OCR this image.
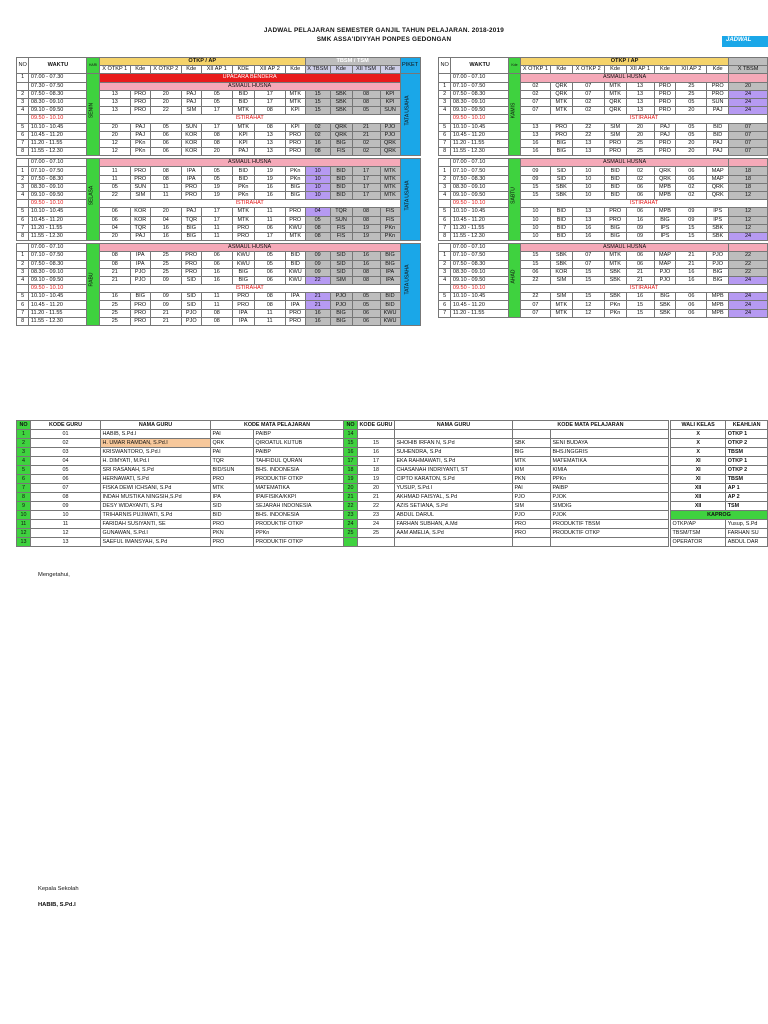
JADWAL PELAJARAN SEMESTER GANJIL TAHUN PELAJARAN. 2018-2019
SMK ASSA'IDIYYAH PONPES GEDONGAN	JADWAL
NO	WAKTU	HARI	OTKP / AP								TBSM / TSM				PIKET
			X OTKP 1	Kde	X OTKP 2	Kde	XII AP 1	KDE	XII AP 2	Kde	X TBSM	Kde	XII TSM	Kde	
1	07.00 - 07.30	SENIN	UPACARA BENDERA												TATA USAHA

	07.30 - 07.50		ASMAUL HUSNA												
2	07.50 - 08.30		13	PRO	20	PAJ	05	BID	17	MTK	15	SBK	08	KPI	
3	08.30 - 09.10		13	PRO	20	PAJ	05	BID	17	MTK	15	SBK	08	KPI	
4	09.10 - 09.50		13	PRO	22	SIM	17	MTK	08	KPI	15	SBK	05	SUN	
	09.50 - 10.10		ISTIRAHAT												
5	10.10 - 10.45		20	PAJ	05	SUN	17	MTK	08	KPI	02	QRK	21	PJO	
6	10.45 - 11.20		20	PAJ	06	KOR	08	KPI	13	PRO	02	QRK	21	PJO	
7	11.20 - 11.55		12	PKn	06	KOR	08	KPI	13	PRO	16	BIG	02	QRK	
8	11.55 - 12.30		12	PKn	06	KOR	20	PAJ	13	PRO	08	FIS	02	QRK	

	07.00 - 07.10	SELASA	ASMAUL HUSNA												TATA USAHA

1	07.10 - 07.50		11	PRO	08	IPA	05	BID	19	PKn	10	BID	17	MTK	
2	07.50 - 08.30		11	PRO	08	IPA	05	BID	19	PKn	10	BID	17	MTK	
3	08.30 - 09.10		05	SUN	11	PRO	19	PKn	16	BIG	10	BID	17	MTK	
4	09.10 - 09.50		22	SIM	11	PRO	19	PKn	16	BIG	10	BID	17	MTK	
	09.50 - 10.10		ISTIRAHAT												
5	10.10 - 10.45		06	KOR	20	PAJ	17	MTK	11	PRO	04	TQR	08	FIS	
6	10.45 - 11.20		06	KOR	04	TQR	17	MTK	11	PRO	05	SUN	08	FIS	
7	11.20 - 11.55		04	TQR	16	BIG	11	PRO	06	KWU	08	FIS	19	PKn	
8	11.55 - 12.30		20	PAJ	16	BIG	11	PRO	17	MTK	08	FIS	19	PKn	

	07.00 - 07.10	RABU	ASMAUL HUSNA												TATA USAHA

1	07.10 - 07.50		08	IPA	25	PRO	06	KWU	05	BID	09	SID	16	BIG	
2	07.50 - 08.30		08	IPA	25	PRO	06	KWU	05	BID	09	SID	16	BIG	
3	08.30 - 09.10		21	PJO	25	PRO	16	BIG	06	KWU	09	SID	08	IPA	
4	09.10 - 09.50		21	PJO	09	SID	16	BIG	06	KWU	22	SIM	08	IPA	
	09.50 - 10.10		ISTIRAHAT												
5	10.10 - 10.45		16	BIG	09	SID	11	PRO	08	IPA	21	PJO	05	BID	
6	10.45 - 11.20		25	PRO	09	SID	11	PRO	08	IPA	21	PJO	05	BID	
7	11.20 - 11.55		25	PRO	21	PJO	08	IPA	11	PRO	16	BIG	06	KWU	
8	11.55 - 12.30		25	PRO	21	PJO	08	IPA	11	PRO	16	BIG	06	KWU	
NO	WAKTU	Kde	OTKP / AP								
			X OTKP 1	Kde	X OTKP 2	Kde	XII AP 1	Kde	XII AP 2	Kde	X TBSM
	07.00 - 07.10	KAMIS	ASMAUL HUSNA								
1	07.10 - 07.50		02	QRK	07	MTK	13	PRO	25	PRO	20
2	07.50 - 08.30		02	QRK	07	MTK	13	PRO	25	PRO	24
3	08.30 - 09.10		07	MTK	02	QRK	13	PRO	05	SUN	24
4	09.10 - 09.50		07	MTK	02	QRK	13	PRO	20	PAJ	24
	09.50 - 10.10		ISTIRAHAT								
5	10.10 - 10.45		13	PRO	22	SIM	20	PAJ	05	BID	07
6	10.45 - 11.20		13	PRO	22	SIM	20	PAJ	05	BID	07
7	11.20 - 11.55		16	BIG	13	PRO	25	PRO	20	PAJ	07
8	11.55 - 12.30		16	BIG	13	PRO	25	PRO	20	PAJ	07

	07.00 - 07.10	SABTU	ASMAUL HUSNA								
1	07.10 - 07.50		09	SID	10	BID	02	QRK	06	MAP	18
2	07.50 - 08.30		09	SID	10	BID	02	QRK	06	MAP	18
3	08.30 - 09.10		15	SBK	10	BID	06	MPB	02	QRK	18
4	09.10 - 09.50		15	SBK	10	BID	06	MPB	02	QRK	12
	09.50 - 10.10		ISTIRAHAT								
5	10.10 - 10.45		10	BID	13	PRO	06	MPB	09	IPS	12
6	10.45 - 11.20		10	BID	13	PRO	16	BIG	09	IPS	12
7	11.20 - 11.55		10	BID	16	BIG	09	IPS	15	SBK	12
8	11.55 - 12.30		10	BID	16	BIG	09	IPS	15	SBK	24

	07.00 - 07.10	AHAD	ASMAUL HUSNA								
1	07.10 - 07.50		15	SBK	07	MTK	06	MAP	21	PJO	22
2	07.50 - 08.30		15	SBK	07	MTK	06	MAP	21	PJO	22
3	08.30 - 09.10		06	KOR	15	SBK	21	PJO	16	BIG	22
4	09.10 - 09.50		22	SIM	15	SBK	21	PJO	16	BIG	24
	09.50 - 10.10		ISTIRAHAT								
5	10.10 - 10.45		22	SIM	15	SBK	16	BIG	06	MPB	24
6	10.45 - 11.20		07	MTK	12	PKn	15	SBK	06	MPB	24
7	11.20 - 11.55		07	MTK	12	PKn	15	SBK	06	MPB	24
NO	KODE GURU	NAMA GURU	KODE MATA PELAJARAN		NO	KODE GURU	NAMA GURU	KODE MATA PELAJARAN	
1	01	HABIB, S.Pd.I	PAI	PAIBP	14				
2	02	H. UMAR RAMDAN, S.Pd.I	QRK	QIROATUL KUTUB	15	15	SHOHIB IRFAN N, S.Pd	SBK	SENI BUDAYA
3	03	KRISWANTORO, S.Pd.I	PAI	PAIBP	16	16	SUHENDRA, S.Pd	BIG	BHS.INGGRIS
4	04	H. DIMYATI, M.Pd.I	TQR	TAHFIDUL QURAN	17	17	EKA RAHMAWATI, S.Pd	MTK	MATEMATIKA
5	05	SRI RASANAH, S.Pd	BID/SUN	BHS. INDONESIA	18	18	CHASANAH INDRIYANTI, ST	KIM	KIMIA
6	06	HERNAWATI, S.Pd	PRO	PRODUKTIF OTKP	19	19	CIPTO KARATON, S.Pd	PKN	PPKn
7	07	FISKA DEWI ICHSANI, S.Pd	MTK	MATEMATIKA	20	20	YUSUP, S.Pd.I	PAI	PAIBP
8	08	INDAH MUSTIKA NINGSIH,S.Pd	IPA	IPA/FISIKA/KKPI	21	21	AKHMAD FAISYAL, S.Pd	PJO	PJOK
9	09	DESY WIDAYANTI, S.Pd	SID	SEJARAH INDONESIA	22	22	AZIS SETIANA, S.Pd	SIM	SIMDIG
10	10	TRIHARNIS PUJIWATI, S.Pd	BID	BHS. INDONESIA	23	23	ABDUL DARUL	PJO	PJOK
11	11	FARIDAH SUSIYANTI, SE	PRO	PRODUKTIF OTKP	24	24	FARHAN SUBHAN, A.Md	PRO	PRODUKTIF TBSM
12	12	GUNAWAN, S.Pd.I	PKN	PPKn	25	25	AAM AMELIA, S.Pd	PRO	PRODUKTIF OTKP
13	13	SAEFUL IMANSYAH, S.Pd	PRO	PRODUKTIF OTKP					
WALI KELAS	KEAHLIAN
X	OTKP 1
X	OTKP 2
X	TBSM
XI	OTKP 1
XI	OTKP 2
XI	TBSM
XII	AP 1
XII	AP 2
XII	TSM
KAPROG	
OTKP/AP	Yusup, S.Pd
TBSM/TSM	FARHAN SU
OPERATOR	ABDUL DAR
Mengetahui,
Kepala Sekolah
HABIB, S.Pd.I
